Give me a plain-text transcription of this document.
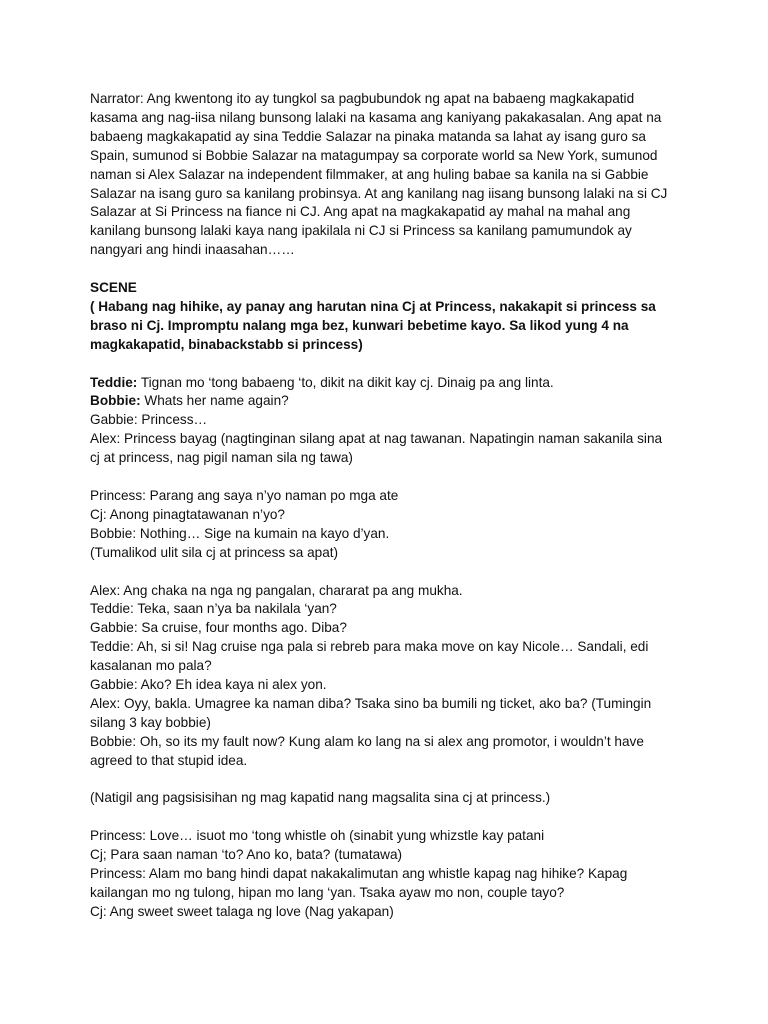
Narrator: Ang kwentong ito ay tungkol sa pagbubundok ng apat na babaeng magkakapatid
kasama ang nag-iisa nilang bunsong lalaki na kasama ang kaniyang pakakasalan. Ang apat na
babaeng magkakapatid ay sina Teddie Salazar na pinaka matanda sa lahat ay isang guro sa
Spain, sumunod si Bobbie Salazar na matagumpay sa corporate world sa New York, sumunod
naman si Alex Salazar na independent filmmaker, at ang huling babae sa kanila na si Gabbie
Salazar na isang guro sa kanilang probinsya. At ang kanilang nag iisang bunsong lalaki na si CJ
Salazar at Si Princess na fiance ni CJ. Ang apat na magkakapatid ay mahal na mahal ang
kanilang bunsong lalaki kaya nang ipakilala ni CJ si Princess sa kanilang pamumundok ay
nangyari ang hindi inaasahan……

SCENE

( Habang nag hihike, ay panay ang harutan nina Cj at Princess, nakakapit si princess sa
braso ni Cj. Impromptu nalang mga bez, kunwari bebetime kayo. Sa likod yung 4 na
magkakapatid, binabackstabb si princess)

Teddie: Tignan mo ‘tong babaeng ‘to, dikit na dikit kay cj. Dinaig pa ang linta.
Bobbie: Whats her name again?
Gabbie: Princess…

Alex: Princess bayag (nagtinginan silang apat at nag tawanan. Napatingin naman sakanila sina
cj at princess, nag pigil naman sila ng tawa)

Princess: Parang ang saya n’yo naman po mga ate
Cj: Anong pinagtatawanan n’yo?
Bobbie: Nothing… Sige na kumain na kayo d’yan.
(Tumalikod ulit sila cj at princess sa apat)

Alex: Ang chaka na nga ng pangalan, chararat pa ang mukha.
Teddie: Teka, saan n’ya ba nakilala ‘yan?
Gabbie: Sa cruise, four months ago. Diba?
Teddie: Ah, si si! Nag cruise nga pala si rebreb para maka move on kay Nicole… Sandali, edi
kasalanan mo pala?
Gabbie: Ako? Eh idea kaya ni alex yon.
Alex: Oyy, bakla. Umagree ka naman diba? Tsaka sino ba bumili ng ticket, ako ba? (Tumingin
silang 3 kay bobbie)
Bobbie: Oh, so its my fault now? Kung alam ko lang na si alex ang promotor, i wouldn’t have
agreed to that stupid idea.

(Natigil ang pagsisisihan ng mag kapatid nang magsalita sina cj at princess.)

Princess: Love… isuot mo ‘tong whistle oh (sinabit yung whizstle kay patani
Cj; Para saan naman ‘to? Ano ko, bata? (tumatawa)
Princess: Alam mo bang hindi dapat nakakalimutan ang whistle kapag nag hihike? Kapag
kailangan mo ng tulong, hipan mo lang ‘yan. Tsaka ayaw mo non, couple tayo?
Cj: Ang sweet sweet talaga ng love (Nag yakapan)
